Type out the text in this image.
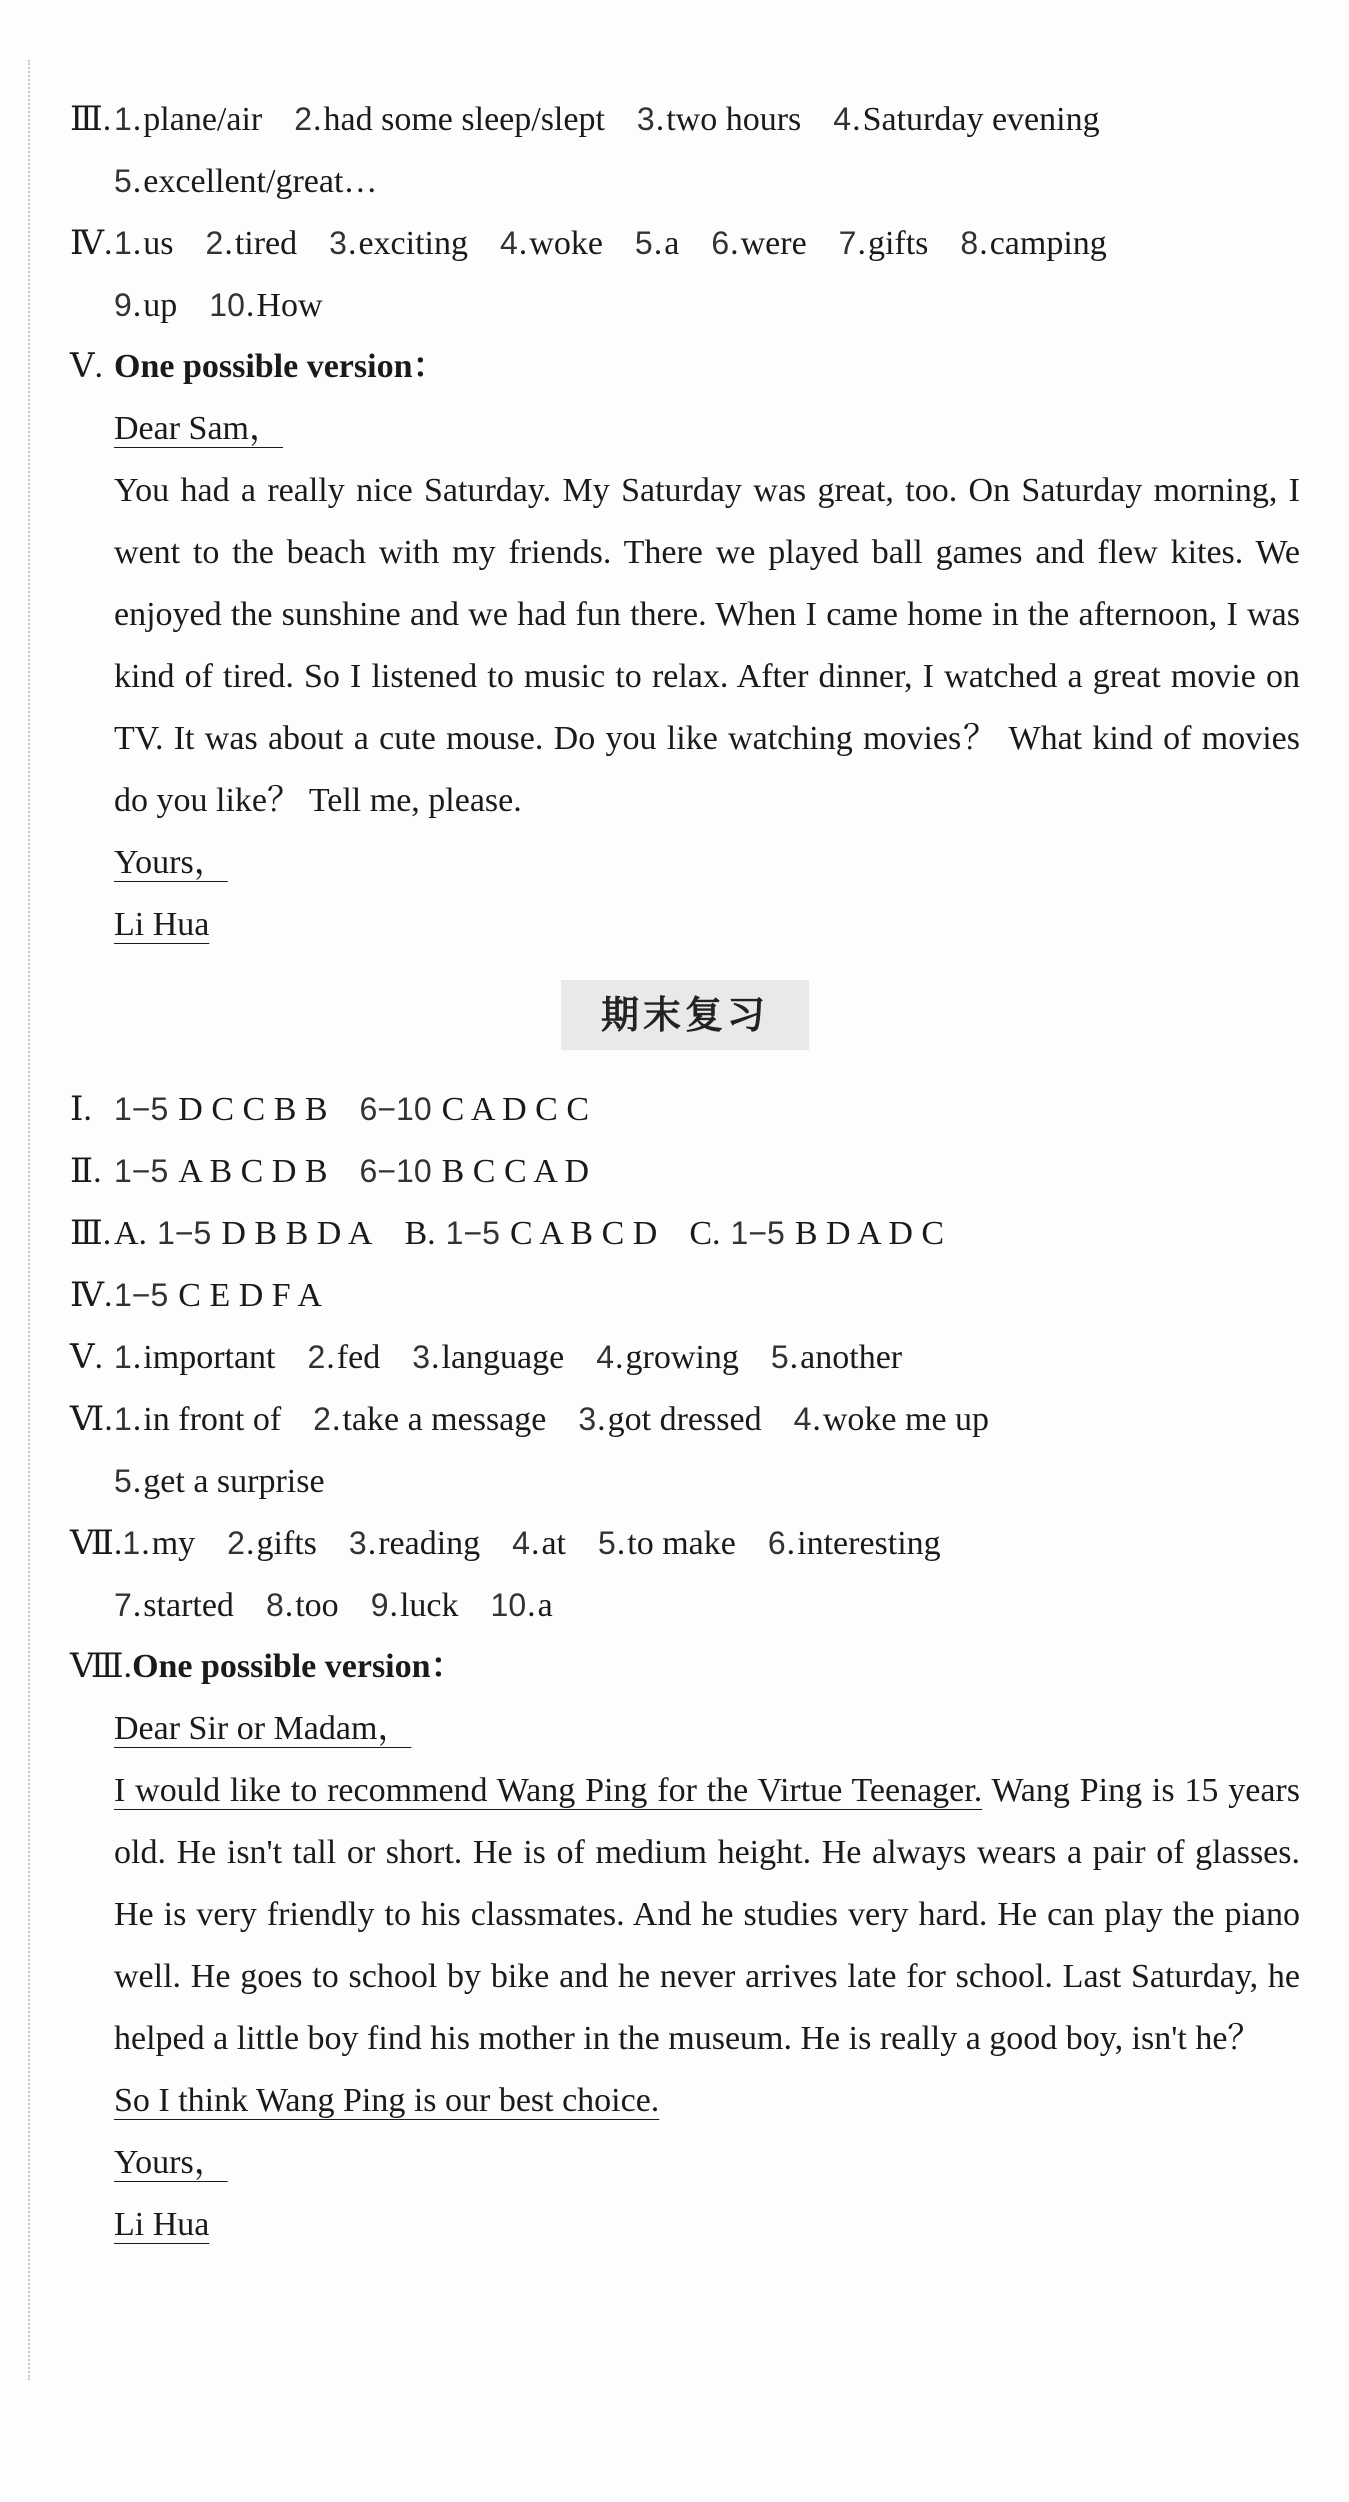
Ⅲ. 1.plane/air 2.had some sleep/slept 3.two hours 4.Saturday evening
5.excellent/great…
Ⅳ. 1.us 2.tired 3.exciting 4.woke 5.a 6.were 7.gifts 8.camping
9.up 10.How
Ⅴ. One possible version：
Dear Sam，
You had a really nice Saturday. My Saturday was great, too. On Saturday morning, I went to the beach with my friends. There we played ball games and flew kites. We enjoyed the sunshine and we had fun there. When I came home in the afternoon, I was kind of tired. So I listened to music to relax. After dinner, I watched a great movie on TV. It was about a cute mouse. Do you like watching movies？ What kind of movies do you like？ Tell me, please.
Yours，
Li Hua
期末复习
Ⅰ. 1−5 D C C B B 6−10 C A D C C
Ⅱ. 1−5 A B C D B 6−10 B C C A D
Ⅲ. A. 1−5 D B B D A B. 1−5 C A B C D C. 1−5 B D A D C
Ⅳ. 1−5 C E D F A
Ⅴ. 1.important 2.fed 3.language 4.growing 5.another
Ⅵ. 1.in front of 2.take a message 3.got dressed 4.woke me up
5.get a surprise
Ⅶ. 1.my 2.gifts 3.reading 4.at 5.to make 6.interesting
7.started 8.too 9.luck 10.a
Ⅷ. One possible version：
Dear Sir or Madam，
I would like to recommend Wang Ping for the Virtue Teenager. Wang Ping is 15 years old. He isn't tall or short. He is of medium height. He always wears a pair of glasses. He is very friendly to his classmates. And he studies very hard. He can play the piano well. He goes to school by bike and he never arrives late for school. Last Saturday, he helped a little boy find his mother in the museum. He is really a good boy, isn't he？
So I think Wang Ping is our best choice.
Yours，
Li Hua
